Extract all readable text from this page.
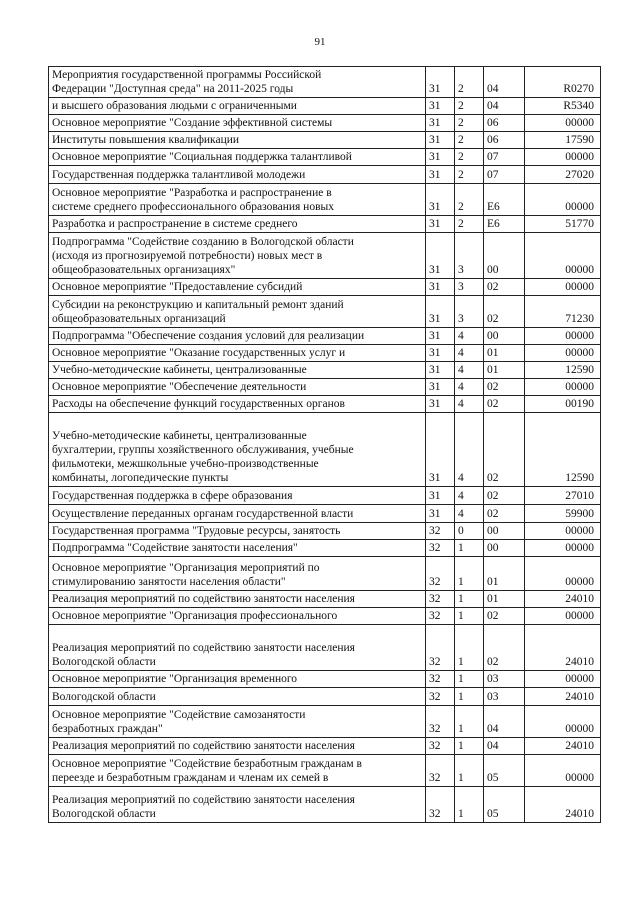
91
Мероприятия государственной программы Российской
Федерации "Доступная среда" на 2011-2025 годы	31	2	04	R0270
и высшего образования людьми с ограниченными	31	2	04	R5340
Основное мероприятие "Создание эффективной системы	31	2	06	00000
Институты повышения квалификации	31	2	06	17590
Основное мероприятие "Социальная поддержка талантливой	31	2	07	00000
Государственная поддержка талантливой молодежи	31	2	07	27020
Основное мероприятие "Разработка и распространение в
системе среднего профессионального образования новых	31	2	Е6	00000
Разработка и распространение в системе среднего	31	2	Е6	51770
Подпрограмма "Содействие созданию в Вологодской области
(исходя из прогнозируемой потребности) новых мест в
общеобразовательных организациях"	31	3	00	00000
Основное мероприятие "Предоставление субсидий	31	3	02	00000
Субсидии на реконструкцию и капитальный ремонт зданий
общеобразовательных организаций	31	3	02	71230
Подпрограмма "Обеспечение создания условий для реализации	31	4	00	00000
Основное мероприятие "Оказание государственных услуг и	31	4	01	00000
Учебно-методические кабинеты, централизованные	31	4	01	12590
Основное мероприятие "Обеспечение деятельности	31	4	02	00000
Расходы на обеспечение функций государственных органов	31	4	02	00190
Учебно-методические кабинеты, централизованные
бухгалтерии, группы хозяйственного обслуживания, учебные
фильмотеки, межшкольные учебно-производственные
комбинаты, логопедические пункты	31	4	02	12590
Государственная поддержка в сфере образования	31	4	02	27010
Осуществление переданных органам государственной власти	31	4	02	59900
Государственная программа "Трудовые ресурсы, занятость	32	0	00	00000
Подпрограмма "Содействие занятости населения"	32	1	00	00000
Основное мероприятие "Организация мероприятий по
стимулированию занятости населения области"	32	1	01	00000
Реализация мероприятий по содействию занятости населения	32	1	01	24010
Основное мероприятие "Организация профессионального	32	1	02	00000
Реализация мероприятий по содействию занятости населения
Вологодской области	32	1	02	24010
Основное мероприятие "Организация временного	32	1	03	00000
Вологодской области	32	1	03	24010
Основное мероприятие "Содействие самозанятости
безработных граждан"	32	1	04	00000
Реализация мероприятий по содействию занятости населения	32	1	04	24010
Основное мероприятие "Содействие безработным гражданам в
переезде и безработным гражданам и членам их семей в	32	1	05	00000
Реализация мероприятий по содействию занятости населения
Вологодской области	32	1	05	24010
